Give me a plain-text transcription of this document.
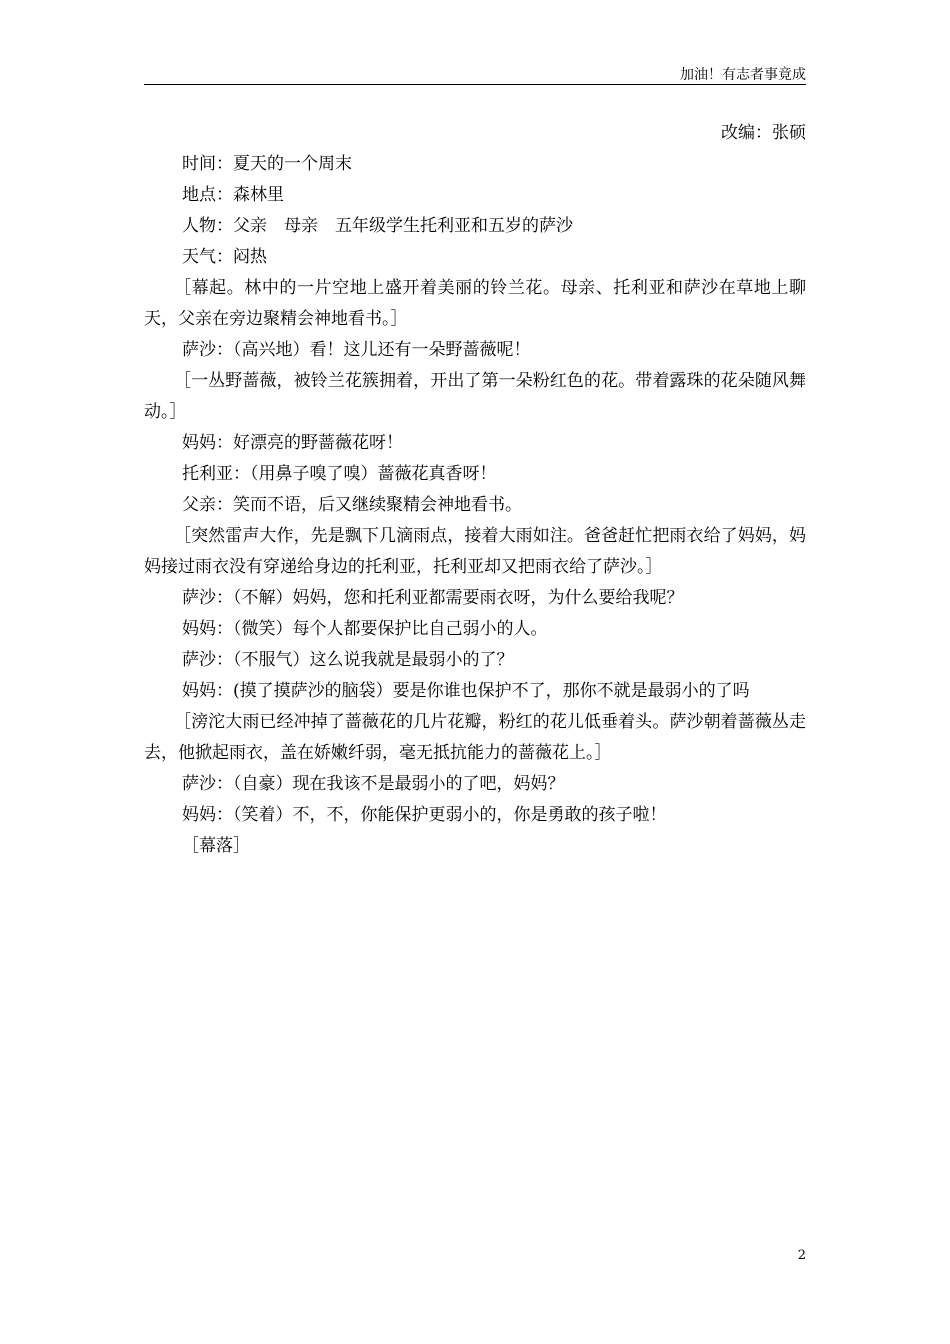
加油！有志者事竟成

改编：张硕

时间：夏天的一个周末

地点：森林里

人物：父亲　母亲　五年级学生托利亚和五岁的萨沙

天气：闷热

［幕起。林中的一片空地上盛开着美丽的铃兰花。母亲、托利亚和萨沙在草地上聊天，父亲在旁边聚精会神地看书。］

萨沙：（高兴地）看！这儿还有一朵野蔷薇呢！

［一丛野蔷薇，被铃兰花簇拥着，开出了第一朵粉红色的花。带着露珠的花朵随风舞动。］

妈妈：好漂亮的野蔷薇花呀！

托利亚：（用鼻子嗅了嗅）蔷薇花真香呀！

父亲：笑而不语，后又继续聚精会神地看书。

［突然雷声大作，先是飘下几滴雨点，接着大雨如注。爸爸赶忙把雨衣给了妈妈，妈妈接过雨衣没有穿递给身边的托利亚，托利亚却又把雨衣给了萨沙。］

萨沙：（不解）妈妈，您和托利亚都需要雨衣呀，为什么要给我呢？

妈妈：（微笑）每个人都要保护比自己弱小的人。

萨沙：（不服气）这么说我就是最弱小的了？

妈妈：(摸了摸萨沙的脑袋）要是你谁也保护不了，那你不就是最弱小的了吗

［滂沱大雨已经冲掉了蔷薇花的几片花瓣，粉红的花儿低垂着头。萨沙朝着蔷薇丛走去，他掀起雨衣，盖在娇嫩纤弱，毫无抵抗能力的蔷薇花上。］

萨沙：（自豪）现在我该不是最弱小的了吧，妈妈？

妈妈：（笑着）不，不，你能保护更弱小的，你是勇敢的孩子啦！

［幕落］

2
